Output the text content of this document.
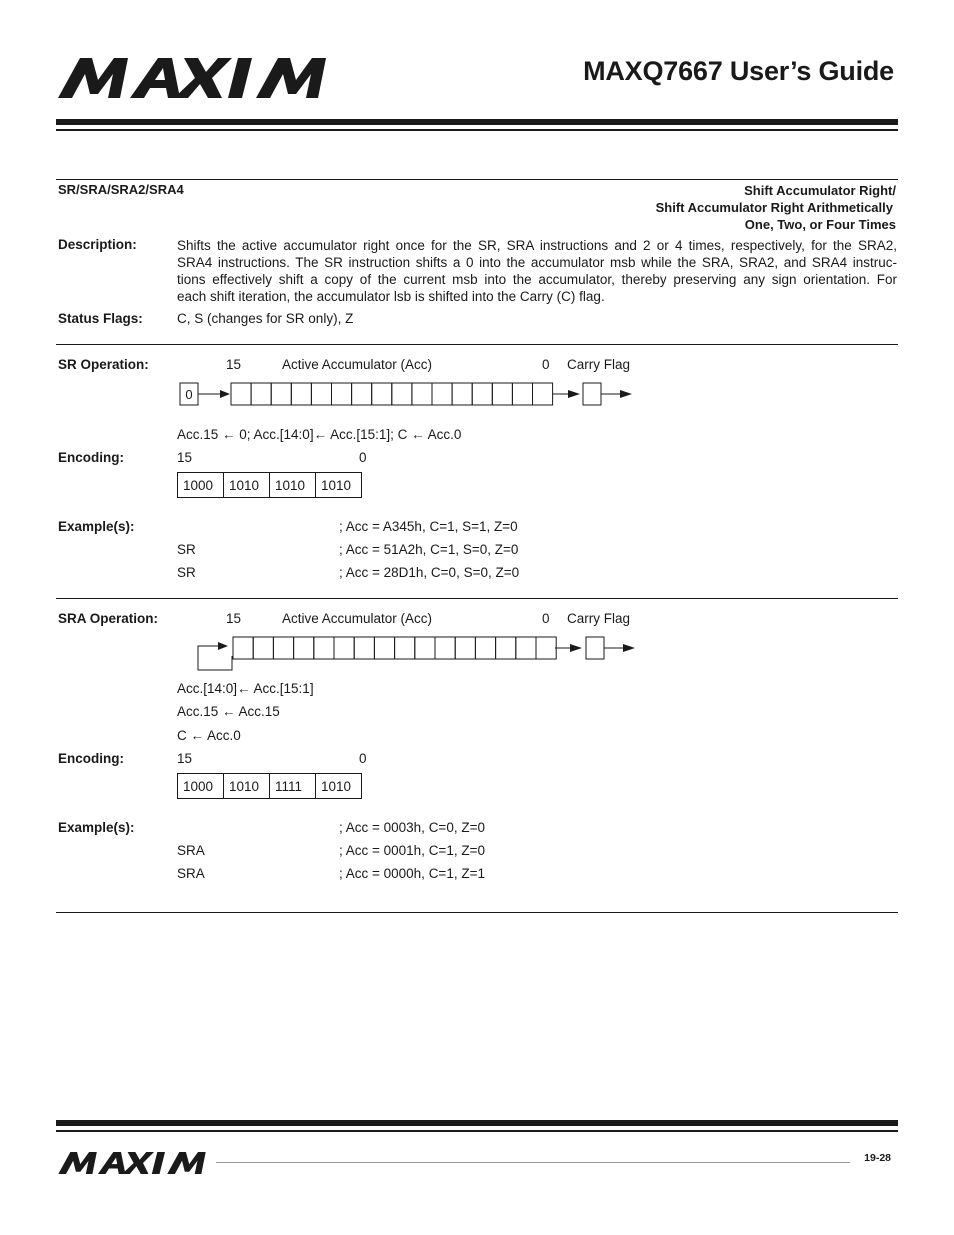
MAXQ7667 User’s Guide
SR/SRA/SRA2/SRA4	Shift Accumulator Right/
Shift Accumulator Right Arithmetically
One, Two, or Four Times
Description:	Shifts the active accumulator right once for the SR, SRA instructions and 2 or 4 times, respectively, for the SRA2,
SRA4 instructions. The SR instruction shifts a 0 into the accumulator msb while the SRA, SRA2, and SRA4 instruc-
tions effectively shift a copy of the current msb into the accumulator, thereby preserving any sign orientation. For
each shift iteration, the accumulator lsb is shifted into the Carry (C) flag.
Status Flags:	C, S (changes for SR only), Z
SR Operation:	15	Active Accumulator (Acc)	0 Carry Flag
0
Acc.15 ← 0; Acc.[14:0]← Acc.[15:1]; C ← Acc.0
Encoding:	15	0
1000	1010	1010	1010
Example(s):	; Acc = A345h, C=1, S=1, Z=0
SR	; Acc = 51A2h, C=1, S=0, Z=0
SR	; Acc = 28D1h, C=0, S=0, Z=0
SRA Operation:	15	Active Accumulator (Acc)	0 Carry Flag
Acc.[14:0]← Acc.[15:1]
Acc.15 ← Acc.15
C ← Acc.0
Encoding:	15	0
1000	1010	1111	1010
Example(s):	; Acc = 0003h, C=0, Z=0
SRA	; Acc = 0001h, C=1, Z=0
SRA	; Acc = 0000h, C=1, Z=1
19-28
